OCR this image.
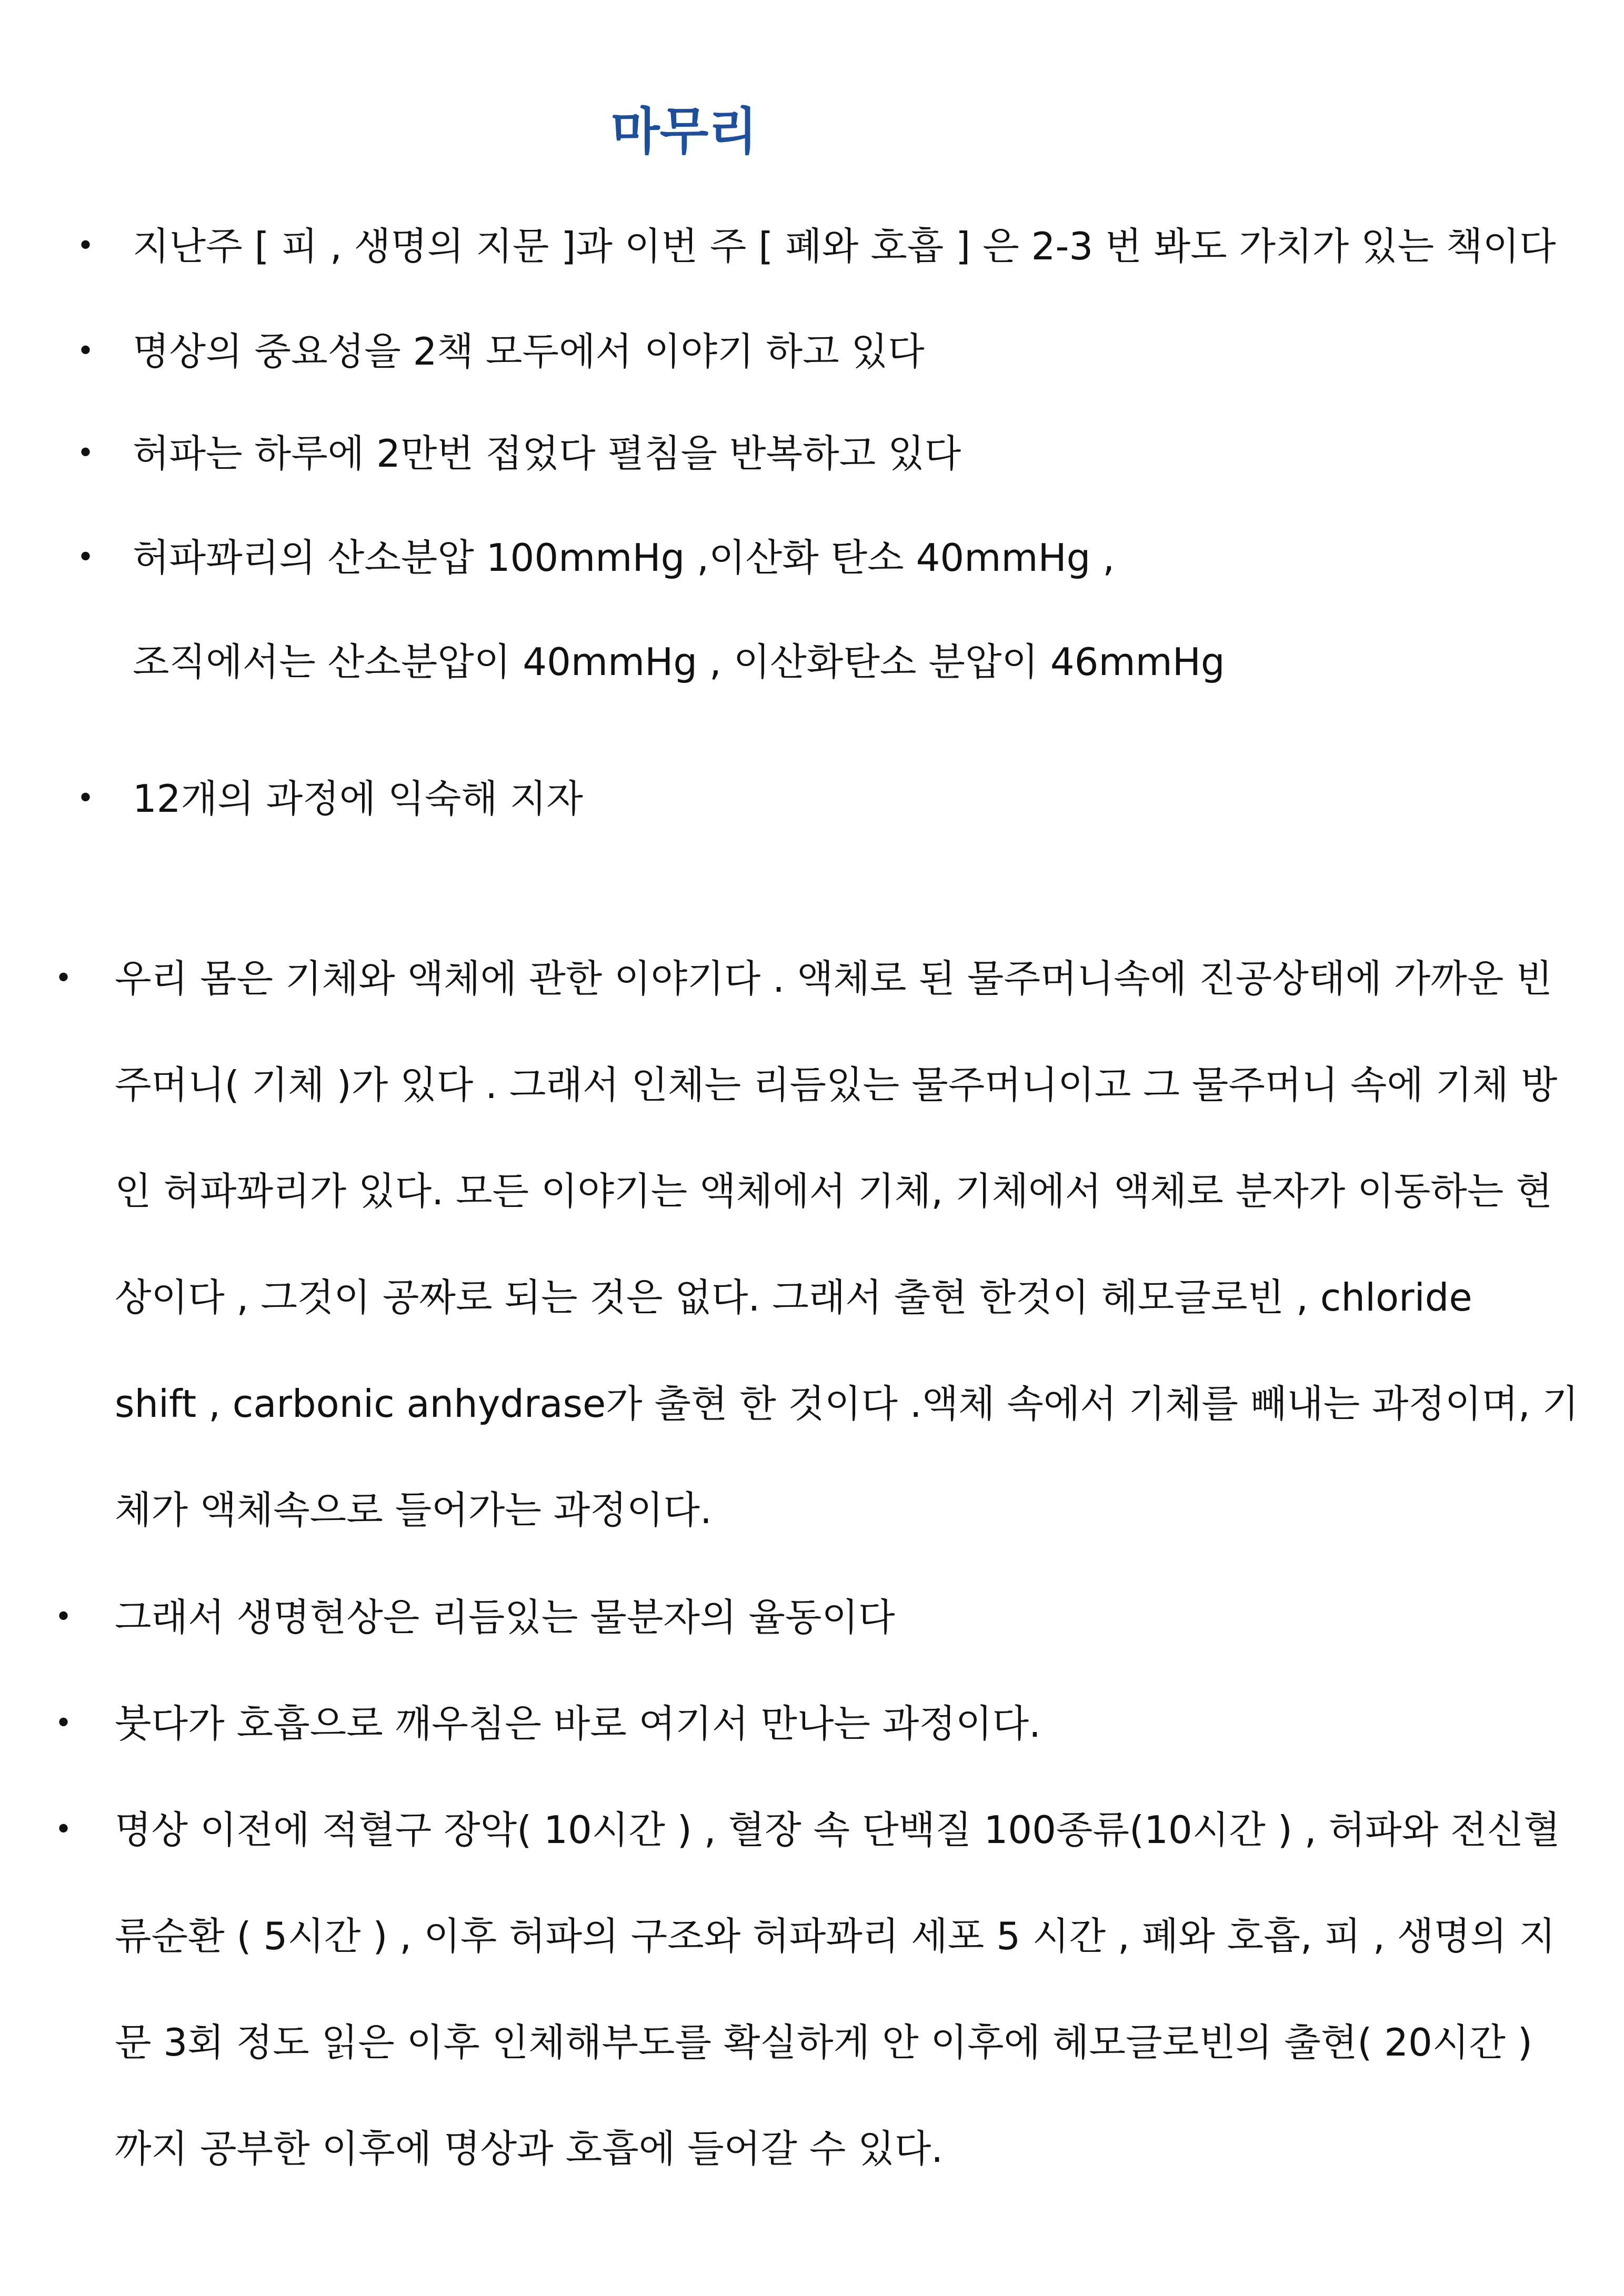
마무리
• 지난주 [ 피 , 생명의 지문 ]과 이번 주 [ 폐와 호흡 ] 은 2-3 번 봐도 가치가 있는 책이다
• 명상의 중요성을 2책 모두에서 이야기 하고 있다
• 허파는 하루에 2만번 접었다 펼침을 반복하고 있다
• 허파꽈리의 산소분압 100mmHg ,이산화 탄소 40mmHg ,
조직에서는 산소분압이 40mmHg , 이산화탄소 분압이 46mmHg
• 12개의 과정에 익숙해 지자
• 우리 몸은 기체와 액체에 관한 이야기다 . 액체로 된 물주머니속에 진공상태에 가까운 빈
주머니( 기체 )가 있다 . 그래서 인체는 리듬있는 물주머니이고 그 물주머니 속에 기체 방
인 허파꽈리가 있다. 모든 이야기는 액체에서 기체, 기체에서 액체로 분자가 이동하는 현
상이다 , 그것이 공짜로 되는 것은 없다. 그래서 출현 한것이 헤모글로빈 , chloride
shift , carbonic anhydrase가 출현 한 것이다 .액체 속에서 기체를 빼내는 과정이며, 기
체가 액체속으로 들어가는 과정이다.
• 그래서 생명현상은 리듬있는 물분자의 율동이다
• 붓다가 호흡으로 깨우침은 바로 여기서 만나는 과정이다.
• 명상 이전에 적혈구 장악( 10시간 ) , 혈장 속 단백질 100종류(10시간 ) , 허파와 전신혈
류순환 ( 5시간 ) , 이후 허파의 구조와 허파꽈리 세포 5 시간 , 폐와 호흡, 피 , 생명의 지
문 3회 정도 읽은 이후 인체해부도를 확실하게 안 이후에 헤모글로빈의 출현( 20시간 )
까지 공부한 이후에 명상과 호흡에 들어갈 수 있다.
